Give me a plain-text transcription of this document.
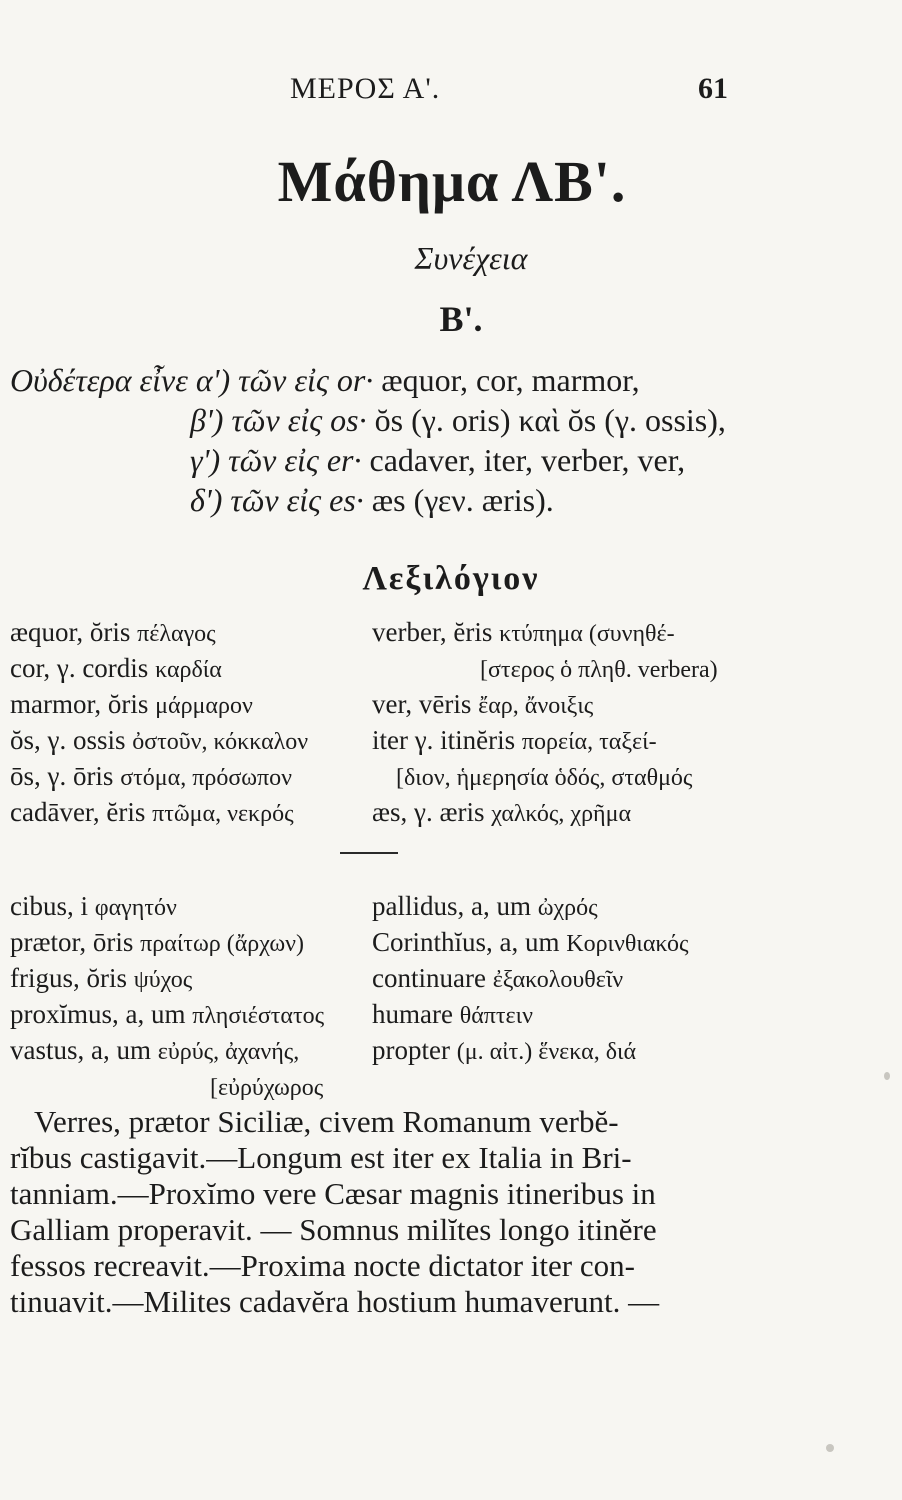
ΜΕΡΟΣ Α'.	61
Μάθημα ΛΒ'.
Συνέχεια
Β'.
Οὐδέτερα εἶνε α') τῶν εἰς or· æquor, cor, marmor,
β') τῶν εἰς os· ŏs (γ. oris) καὶ ŏs (γ. ossis),
γ') τῶν εἰς er· cadaver, iter, verber, ver,
δ') τῶν εἰς es· æs (γεν. æris).
Λεξιλόγιον
æquor, ŏris πέλαγος
cor, γ. cordis καρδία
marmor, ŏris μάρμαρον
ŏs, γ. ossis ὀστοῦν, κόκκαλον
ōs, γ. ōris στόμα, πρόσωπον
cadāver, ĕris πτῶμα, νεκρός
verber, ĕris κτύπημα (συνηθέ-
[στερος ὁ πληθ. verbera)
ver, vēris ἔαρ, ἄνοιξις
iter γ. itinĕris πορεία, ταξεί-
[διον, ἡμερησία ὁδός, σταθμός
æs, γ. æris χαλκός, χρῆμα
cibus, i φαγητόν
prætor, ōris πραίτωρ (ἄρχων)
frigus, ŏris ψύχος
proxĭmus, a, um πλησιέστατος
vastus, a, um εὐρύς, ἀχανής,
[εὐρύχωρος
pallidus, a, um ὠχρός
Corinthĭus, a, um Κορινθιακός
continuare ἐξακολουθεῖν
humare θάπτειν
propter (μ. αἰτ.) ἕνεκα, διά
Verres, prætor Siciliæ, civem Romanum verbĕ-
rĭbus castigavit.—Longum est iter ex Italia in Bri-
tanniam.—Proxĭmo vere Cæsar magnis itineribus in
Galliam properavit. — Somnus milĭtes longo itinĕre
fessos recreavit.—Proxima nocte dictator iter con-
tinuavit.—Milites cadavĕra hostium humaverunt. —
